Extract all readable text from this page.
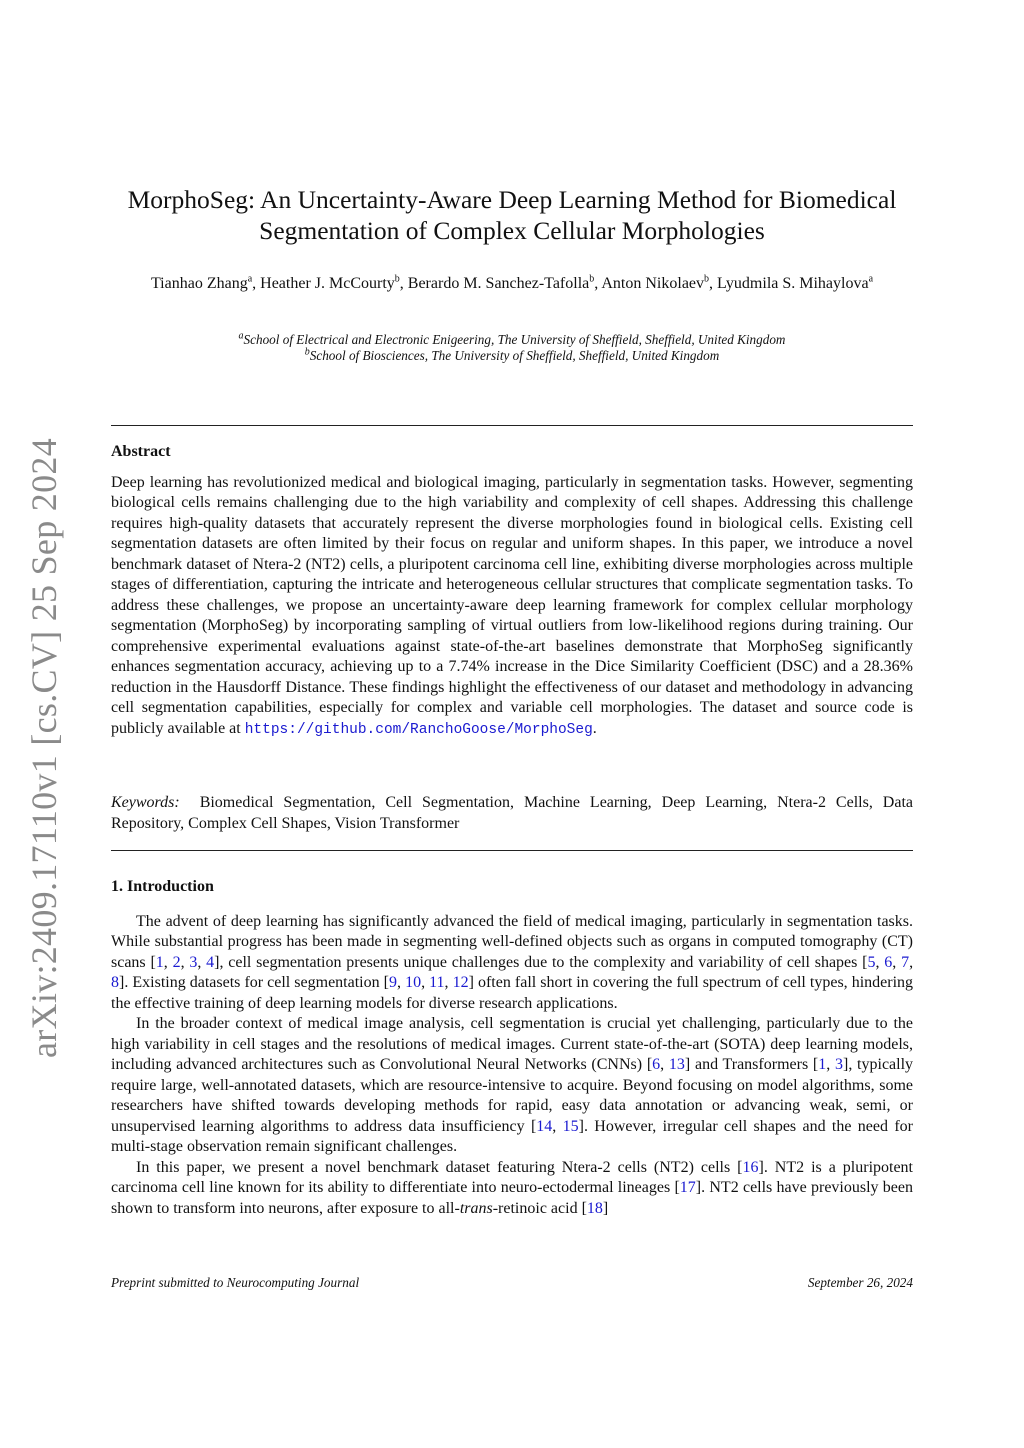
arXiv:2409.17110v1 [cs.CV] 25 Sep 2024
MorphoSeg: An Uncertainty-Aware Deep Learning Method for Biomedical Segmentation of Complex Cellular Morphologies
Tianhao Zhang$^a$, Heather J. McCourty$^b$, Berardo M. Sanchez-Tafolla$^b$, Anton Nikolaev$^b$, Lyudmila S. Mihaylova$^a$
$^a$School of Electrical and Electronic Enigeering, The University of Sheffield, Sheffield, United Kingdom
$^b$School of Biosciences, The University of Sheffield, Sheffield, United Kingdom
Abstract

Deep learning has revolutionized medical and biological imaging, particularly in segmentation tasks. However, segmenting biological cells remains challenging due to the high variability and complexity of cell shapes. Addressing this challenge requires high-quality datasets that accurately represent the diverse morphologies found in biological cells. Existing cell segmentation datasets are often limited by their focus on regular and uniform shapes. In this paper, we introduce a novel benchmark dataset of Ntera-2 (NT2) cells, a pluripotent carcinoma cell line, exhibiting diverse morphologies across multiple stages of differentiation, capturing the intricate and heterogeneous cellular structures that complicate segmentation tasks. To address these challenges, we propose an uncertainty-aware deep learning framework for complex cellular morphology segmentation (MorphoSeg) by incorporating sampling of virtual outliers from low-likelihood regions during training. Our comprehensive experimental evaluations against state-of-the-art baselines demonstrate that MorphoSeg significantly enhances segmentation accuracy, achieving up to a 7.74% increase in the Dice Similarity Coefficient (DSC) and a 28.36% reduction in the Hausdorff Distance. These findings highlight the effectiveness of our dataset and methodology in advancing cell segmentation capabilities, especially for complex and variable cell morphologies. The dataset and source code is publicly available at https://github.com/RanchoGoose/MorphoSeg.

Keywords: Biomedical Segmentation, Cell Segmentation, Machine Learning, Deep Learning, Ntera-2 Cells, Data Repository, Complex Cell Shapes, Vision Transformer

1. Introduction

The advent of deep learning has significantly advanced the field of medical imaging, particularly in segmentation tasks. While substantial progress has been made in segmenting well-defined objects such as organs in computed tomography (CT) scans [1, 2, 3, 4], cell segmentation presents unique challenges due to the complexity and variability of cell shapes [5, 6, 7, 8]. Existing datasets for cell segmentation [9, 10, 11, 12] often fall short in covering the full spectrum of cell types, hindering the effective training of deep learning models for diverse research applications.

In the broader context of medical image analysis, cell segmentation is crucial yet challenging, particularly due to the high variability in cell stages and the resolutions of medical images. Current state-of-the-art (SOTA) deep learning models, including advanced architectures such as Convolutional Neural Networks (CNNs) [6, 13] and Transformers [1, 3], typically require large, well-annotated datasets, which are resource-intensive to acquire. Beyond focusing on model algorithms, some researchers have shifted towards developing methods for rapid, easy data annotation or advancing weak, semi, or unsupervised learning algorithms to address data insufficiency [14, 15]. However, irregular cell shapes and the need for multi-stage observation remain significant challenges.

In this paper, we present a novel benchmark dataset featuring Ntera-2 cells (NT2) cells [16]. NT2 is a pluripotent carcinoma cell line known for its ability to differentiate into neuro-ectodermal lineages [17]. NT2 cells have previously been shown to transform into neurons, after exposure to all-trans-retinoic acid [18]

Preprint submitted to Neurocomputing Journal	September 26, 2024
